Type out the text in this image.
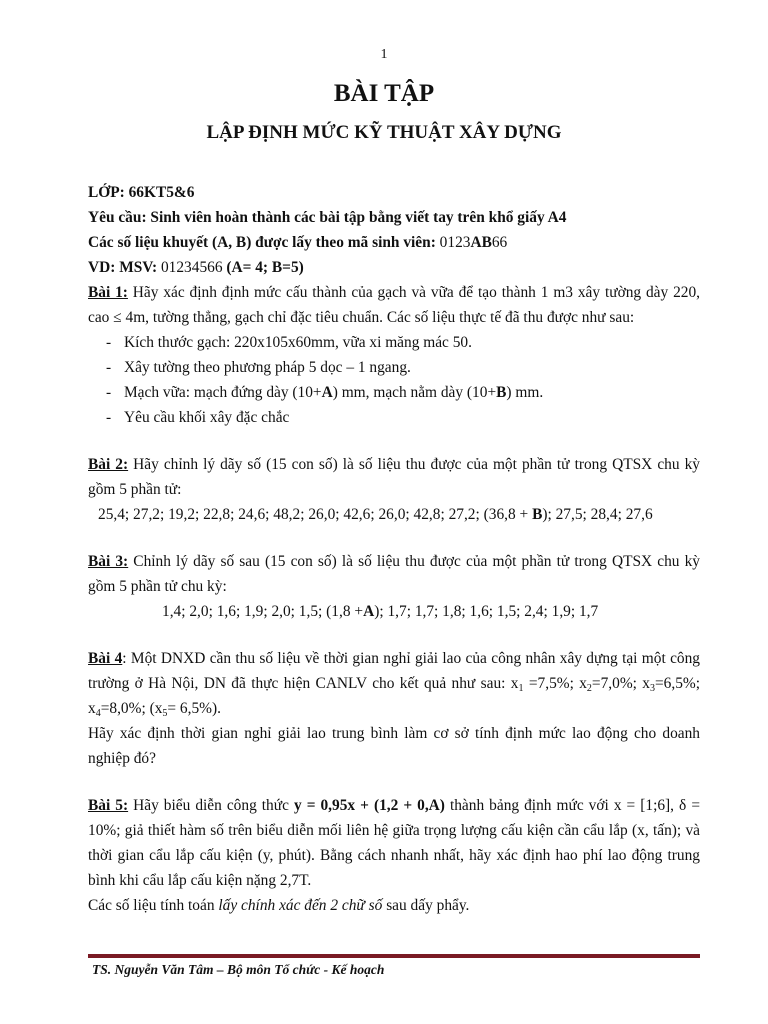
1
BÀI TẬP
LẬP ĐỊNH MỨC KỸ THUẬT XÂY DỰNG
LỚP: 66KT5&6
Yêu cầu: Sinh viên hoàn thành các bài tập bằng viết tay trên khổ giấy A4
Các số liệu khuyết (A, B) được lấy theo mã sinh viên: 0123AB66
VD: MSV: 01234566 (A= 4; B=5)

Bài 1: Hãy xác định định mức cấu thành của gạch và vữa để tạo thành 1 m3 xây tường dày 220, cao ≤ 4m, tường thẳng, gạch chỉ đặc tiêu chuẩn. Các số liệu thực tế đã thu được như sau:

- Kích thước gạch: 220x105x60mm, vữa xi măng mác 50.
- Xây tường theo phương pháp 5 dọc – 1 ngang.
- Mạch vữa: mạch đứng dày (10+A) mm, mạch nằm dày (10+B) mm.
- Yêu cầu khối xây đặc chắc

Bài 2: Hãy chỉnh lý dãy số (15 con số) là số liệu thu được của một phần tử trong QTSX chu kỳ gồm 5 phần tử:

25,4; 27,2; 19,2; 22,8; 24,6; 48,2; 26,0; 42,6; 26,0; 42,8; 27,2; (36,8 + B); 27,5; 28,4; 27,6

Bài 3: Chỉnh lý dãy số sau (15 con số) là số liệu thu được của một phần tử trong QTSX chu kỳ gồm 5 phần tử chu kỳ:

1,4; 2,0; 1,6; 1,9; 2,0; 1,5; (1,8 +A); 1,7; 1,7; 1,8; 1,6; 1,5; 2,4; 1,9; 1,7

Bài 4: Một DNXD cần thu số liệu về thời gian nghỉ giải lao của công nhân xây dựng tại một công trường ở Hà Nội, DN đã thực hiện CANLV cho kết quả như sau: $x_1 =7,5\%$; $x_2=7,0\%$; $x_3=6,5\%$; $x_4=8,0\%$; $(x_5= 6,5\%)$.

Hãy xác định thời gian nghỉ giải lao trung bình làm cơ sở tính định mức lao động cho doanh nghiệp đó?

Bài 5: Hãy biểu diễn công thức y = 0,95x + (1,2 + 0,A) thành bảng định mức với x = [1;6], δ = 10%; giả thiết hàm số trên biểu diễn mối liên hệ giữa trọng lượng cấu kiện cần cẩu lắp (x, tấn); và thời gian cẩu lắp cấu kiện (y, phút). Bằng cách nhanh nhất, hãy xác định hao phí lao động trung bình khi cẩu lắp cấu kiện nặng 2,7T.

Các số liệu tính toán lấy chính xác đến 2 chữ số sau dấy phẩy.

TS. Nguyễn Văn Tâm – Bộ môn Tổ chức - Kế hoạch
